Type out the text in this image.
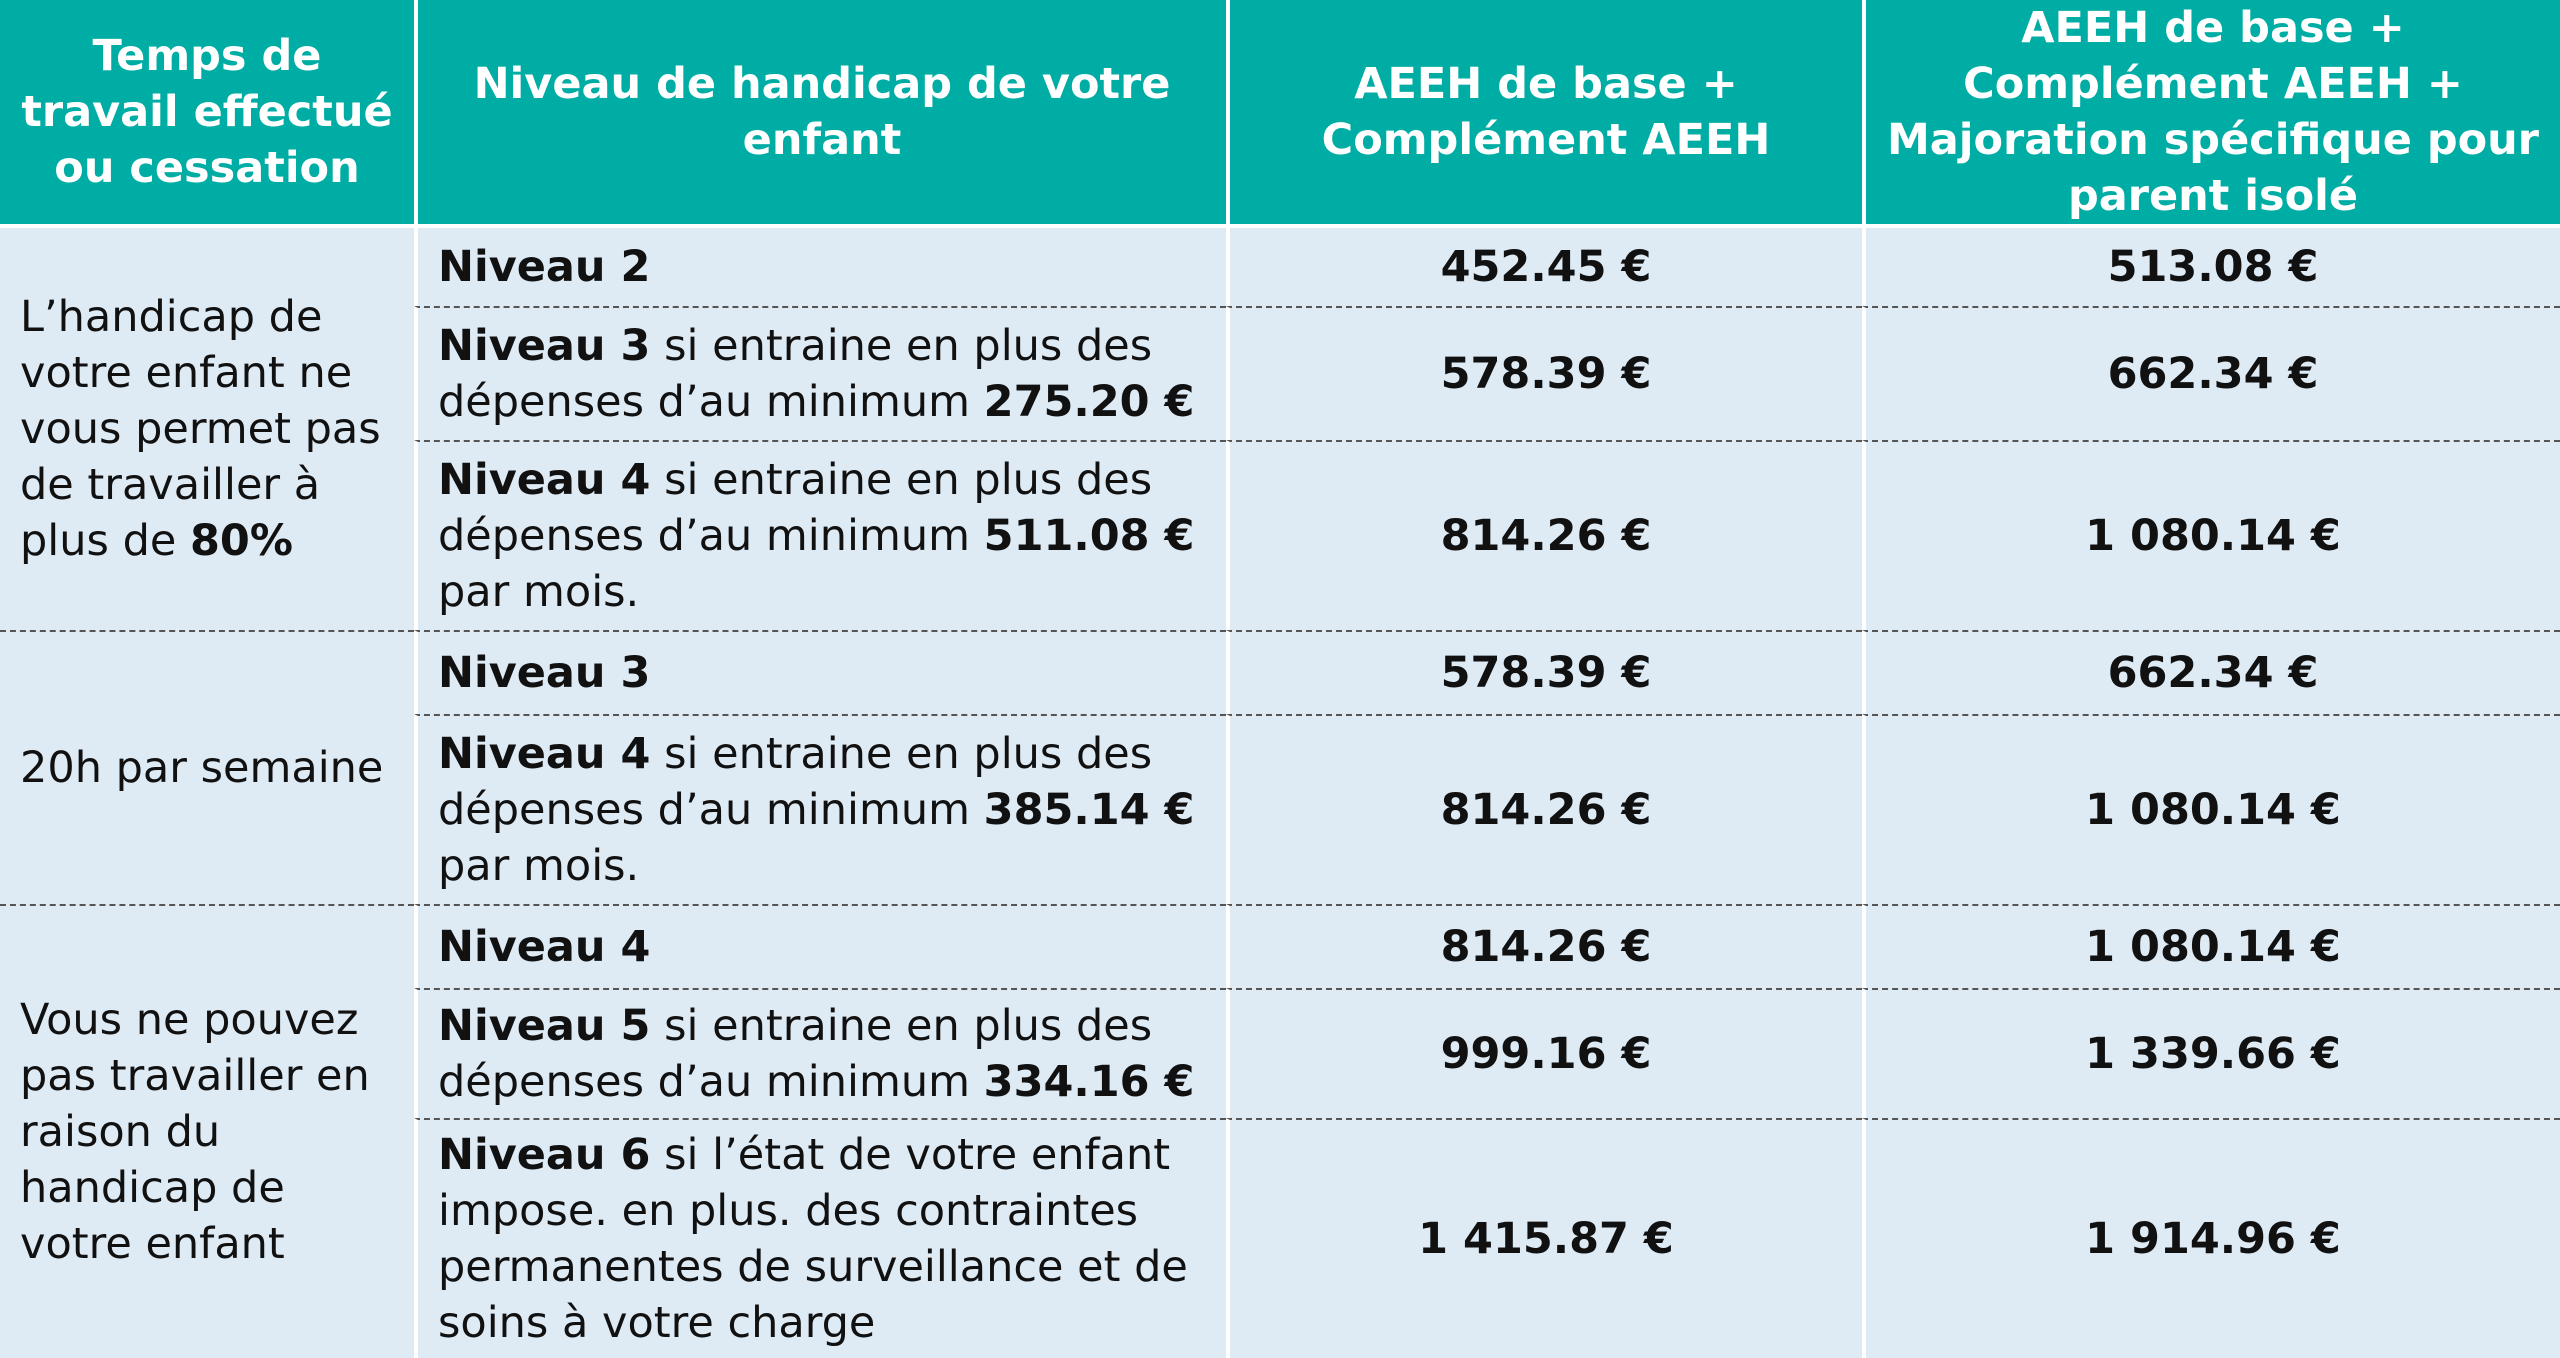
Temps de travail effectué ou cessation	Niveau de handicap de votre enfant	AEEH de base + Complément AEEH	AEEH de base + Complément AEEH + Majoration spécifique pour parent isolé
L’handicap de votre enfant ne vous permet pas de travailler à plus de 80%	Niveau 2	452.45 €	513.08 €
	Niveau 3 si entraine en plus des dépenses d’au minimum 275.20 €	578.39 €	662.34 €
	Niveau 4 si entraine en plus des dépenses d’au minimum 511.08 € par mois.	814.26 €	1 080.14 €
20h par semaine	Niveau 3	578.39 €	662.34 €
	Niveau 4 si entraine en plus des dépenses d’au minimum 385.14 € par mois.	814.26 €	1 080.14 €
Vous ne pouvez pas travailler en raison du handicap de votre enfant	Niveau 4	814.26 €	1 080.14 €
	Niveau 5 si entraine en plus des dépenses d’au minimum 334.16 €	999.16 €	1 339.66 €
	Niveau 6 si l’état de votre enfant impose. en plus. des contraintes permanentes de surveillance et de soins à votre charge	1 415.87 €	1 914.96 €
